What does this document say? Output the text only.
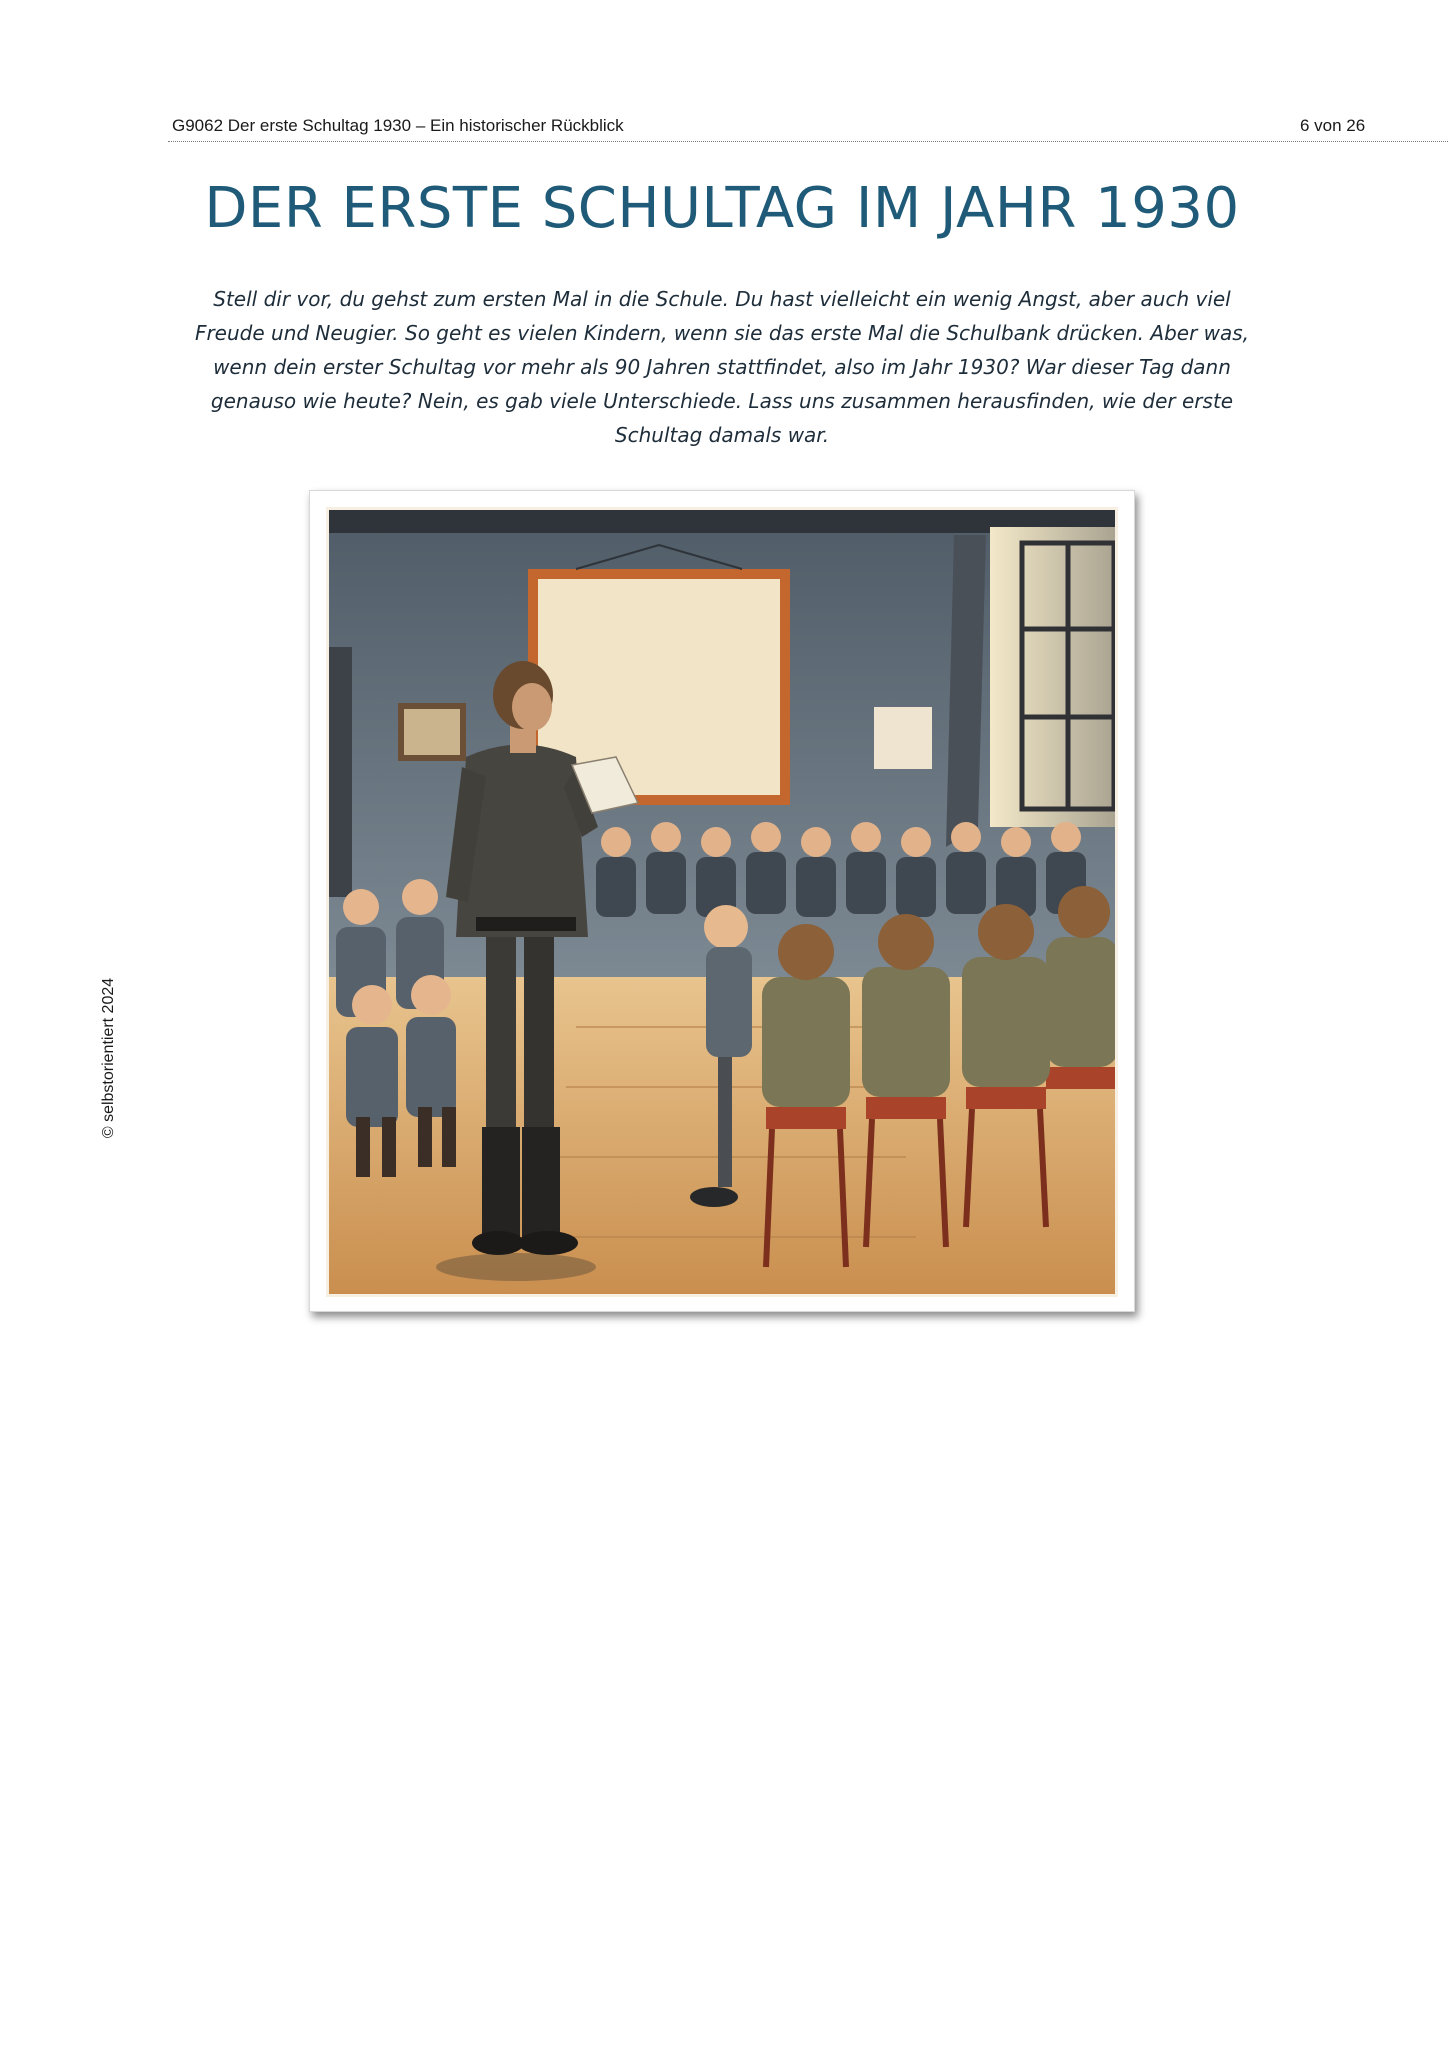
G9062 Der erste Schultag 1930 – Ein historischer Rückblick	6 von 26
DER ERSTE SCHULTAG IM JAHR 1930

Stell dir vor, du gehst zum ersten Mal in die Schule. Du hast vielleicht ein wenig Angst, aber auch viel
Freude und Neugier. So geht es vielen Kindern, wenn sie das erste Mal die Schulbank drücken. Aber was,
wenn dein erster Schultag vor mehr als 90 Jahren stattfindet, also im Jahr 1930? War dieser Tag dann
genauso wie heute? Nein, es gab viele Unterschiede. Lass uns zusammen herausfinden, wie der erste
Schultag damals war.

© selbstorientiert 2024
